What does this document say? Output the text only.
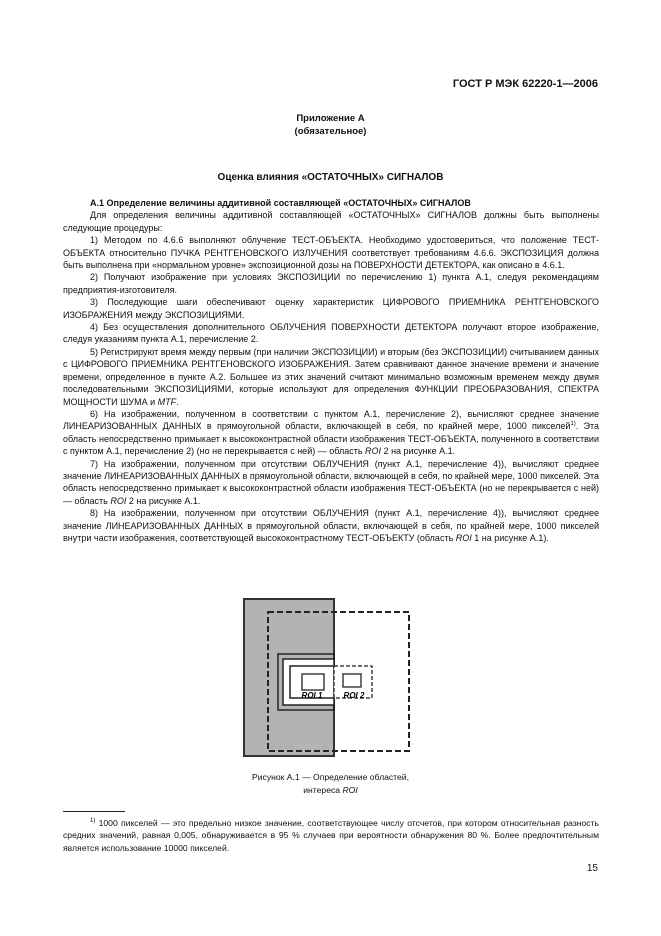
ГОСТ Р МЭК 62220-1—2006
Приложение А
(обязательное)
Оценка влияния «ОСТАТОЧНЫХ» СИГНАЛОВ

А.1 Определение величины аддитивной составляющей «ОСТАТОЧНЫХ» СИГНАЛОВ

Для определения величины аддитивной составляющей «ОСТАТОЧНЫХ» СИГНАЛОВ должны быть выполнены следующие процедуры:

1) Методом по 4.6.6 выполняют облучение ТЕСТ-ОБЪЕКТА. Необходимо удостовериться, что положение ТЕСТ-ОБЪЕКТА относительно ПУЧКА РЕНТГЕНОВСКОГО ИЗЛУЧЕНИЯ соответствует требованиям 4.6.6. ЭКСПОЗИЦИЯ должна быть выполнена при «нормальном уровне» экспозиционной дозы на ПОВЕРХНОСТИ ДЕТЕКТОРА, как описано в 4.6.1.

2) Получают изображение при условиях ЭКСПОЗИЦИИ по перечислению 1) пункта А.1, следуя рекомендациям предприятия-изготовителя.

3) Последующие шаги обеспечивают оценку характеристик ЦИФРОВОГО ПРИЕМНИКА РЕНТГЕНОВСКОГО ИЗОБРАЖЕНИЯ между ЭКСПОЗИЦИЯМИ.

4) Без осуществления дополнительного ОБЛУЧЕНИЯ ПОВЕРХНОСТИ ДЕТЕКТОРА получают второе изображение, следуя указаниям пункта А.1, перечисление 2.

5) Регистрируют время между первым (при наличии ЭКСПОЗИЦИИ) и вторым (без ЭКСПОЗИЦИИ) считыванием данных с ЦИФРОВОГО ПРИЕМНИКА РЕНТГЕНОВСКОГО ИЗОБРАЖЕНИЯ. Затем сравнивают данное значение времени и значение времени, определенное в пункте А.2. Большее из этих значений считают минимально возможным временем между двумя последовательными ЭКСПОЗИЦИЯМИ, которые используют для определения ФУНКЦИИ ПРЕОБРАЗОВАНИЯ, СПЕКТРА МОЩНОСТИ ШУМА и MTF.

6) На изображении, полученном в соответствии с пунктом А.1, перечисление 2), вычисляют среднее значение ЛИНЕАРИЗОВАННЫХ ДАННЫХ в прямоугольной области, включающей в себя, по крайней мере, 1000 пикселей$^{1)}$. Эта область непосредственно примыкает к высококонтрастной области изображения ТЕСТ-ОБЪЕКТА, полученного в соответствии с пунктом А.1, перечисление 2) (но не перекрывается с ней) — область ROI 2 на рисунке А.1.

7) На изображении, полученном при отсутствии ОБЛУЧЕНИЯ (пункт А.1, перечисление 4)), вычисляют среднее значение ЛИНЕАРИЗОВАННЫХ ДАННЫХ в прямоугольной области, включающей в себя, по крайней мере, 1000 пикселей. Эта область непосредственно примыкает к высококонтрастной области изображения ТЕСТ-ОБЪЕКТА (но не перекрывается с ней) — область ROI 2 на рисунке А.1.

8) На изображении, полученном при отсутствии ОБЛУЧЕНИЯ (пункт А.1, перечисление 4)), вычисляют среднее значение ЛИНЕАРИЗОВАННЫХ ДАННЫХ в прямоугольной области, включающей в себя, по крайней мере, 1000 пикселей внутри части изображения, соответствующей высококонтрастному ТЕСТ-ОБЪЕКТУ (область ROI 1 на рисунке А.1).

ROI 1	ROI 2
Рисунок А.1 — Определение областей,
интереса ROI
$^{1)}$ 1000 пикселей — это предельно низкое значение, соответствующее числу отсчетов, при котором относительная разность средних значений, равная 0,005, обнаруживается в 95 % случаев при вероятности обнаружения 80 %. Более предпочтительным является использование 10000 пикселей.
15
